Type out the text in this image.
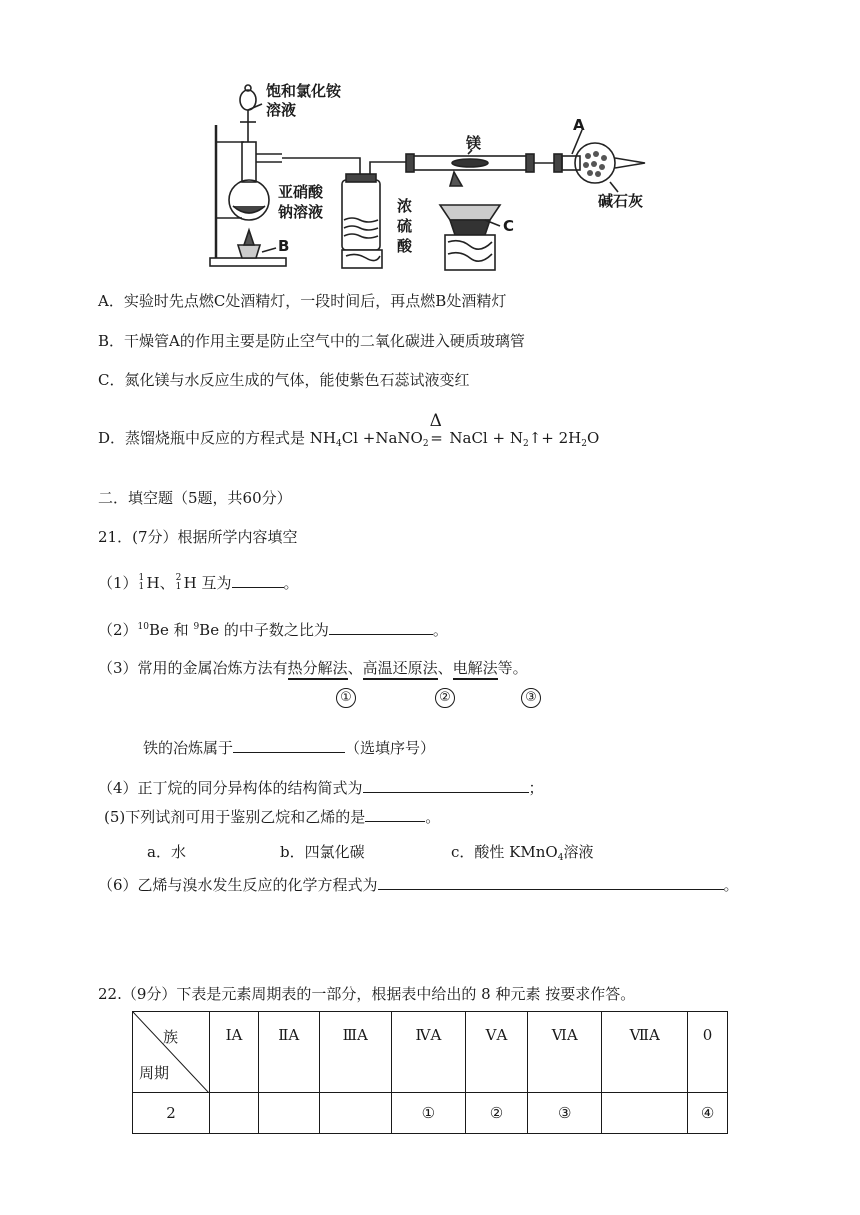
饱和氯化铵
溶液
亚硝酸
钠溶液
B
浓
硫
酸
镁
C
A
碱石灰
A．实验时先点燃C处酒精灯，一段时间后，再点燃B处酒精灯
B．干燥管A的作用主要是防止空气中的二氧化碳进入硬质玻璃管
C．氮化镁与水反应生成的气体，能使紫色石蕊试液变红
D．蒸馏烧瓶中反应的方程式是 $NH_4Cl$ +NaNO$_2$
Δ
= NaCl + $N_2↑+ 2H_2O$
二．填空题（5题，共60分）
21．(7分）根据所学内容填空
（1） 1
1 H、 2
1 H 互为	。
$(2)^{10}Be$ 和 $^9$Be 的中子数之比为	。
（3）常用的金属冶炼方法有热分解法、高温还原法、电解法等。
①	②	③
铁的冶炼属于	（选填序号）
（4）正丁烷的同分异构体的结构简式为	；
(5)下列试剂可用于鉴别乙烷和乙烯的是	。
a．水	b．四氯化碳	c．酸性 KMnO$_4$溶液
（6）乙烯与溴水发生反应的化学方程式为	。
22.（9分）下表是元素周期表的一部分，根据表中给出的 8 种元素 按要求作答。
族
周期	ⅠA	ⅡA	ⅢA	ⅣA	ⅤA	ⅥA	ⅦA	0
2				①	②	③		④
